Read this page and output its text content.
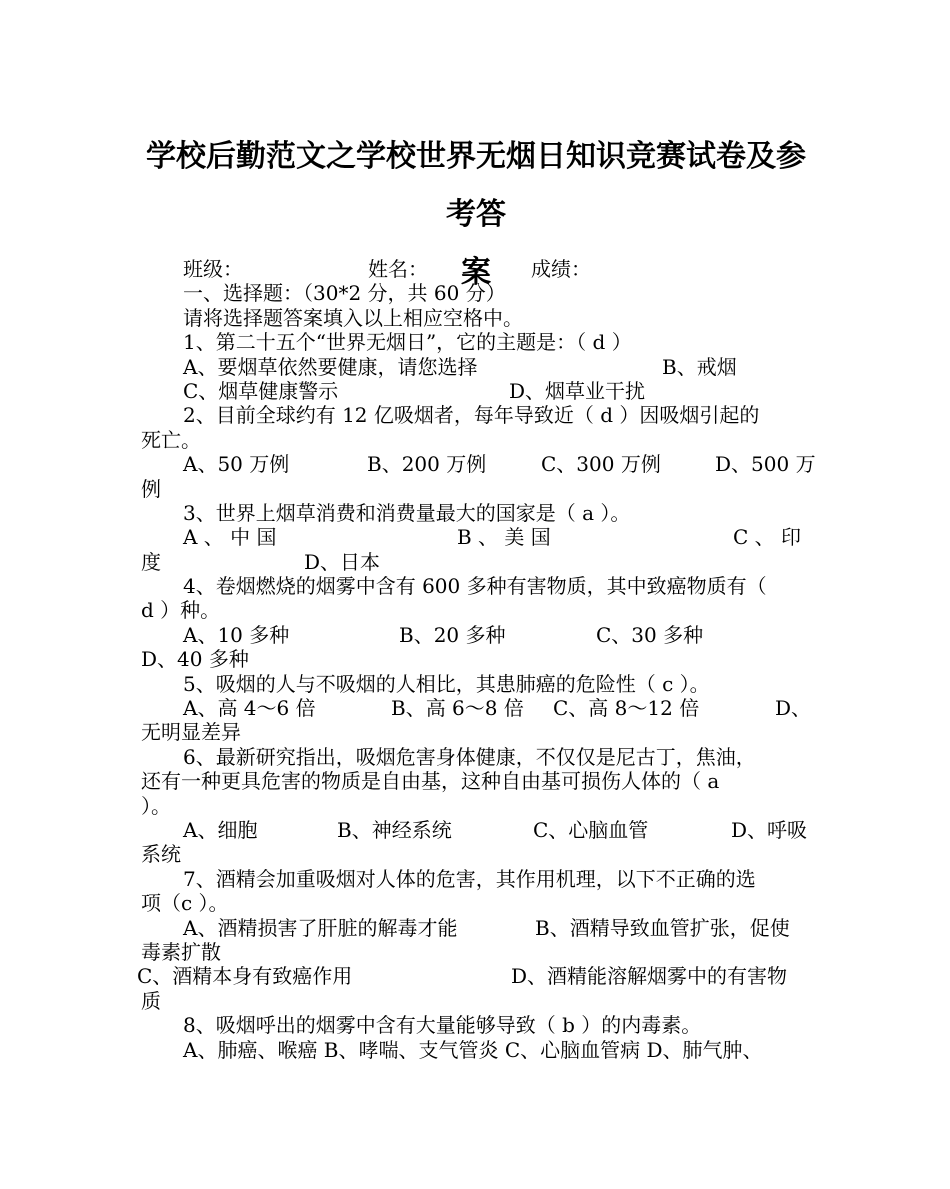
学校后勤范文之学校世界无烟日知识竞赛试卷及参考答
案
班级：	姓名：	成绩：
一、选择题：（30*2 分，共 60 分）
请将选择题答案填入以上相应空格中。
1、第二十五个“世界无烟日”，它的主题是：（ d ）
A、要烟草依然要健康，请您选择	B、戒烟
C、烟草健康警示	D、烟草业干扰
2、目前全球约有 12 亿吸烟者，每年导致近（ d ）因吸烟引起的
死亡。
A、50 万例	B、200 万例	C、300 万例	D、500 万
例
3、世界上烟草消费和消费量最大的国家是（ a ）。
A 、 中 国	B 、 美 国	C 、 印
度	D、日本
4、卷烟燃烧的烟雾中含有 600 多种有害物质，其中致癌物质有（
d ）种。
A、10 多种	B、20 多种	C、30 多种
D、40 多种
5、吸烟的人与不吸烟的人相比，其患肺癌的危险性（ c ）。
A、高 4～6 倍	B、高 6～8 倍 C、高 8～12 倍	D、
无明显差异
6、最新研究指出，吸烟危害身体健康，不仅仅是尼古丁，焦油，
还有一种更具危害的物质是自由基，这种自由基可损伤人体的（ a
）。
A、细胞	B、神经系统	C、心脑血管	D、呼吸
系统
7、酒精会加重吸烟对人体的危害，其作用机理，以下不正确的选
项（c ）。
A、酒精损害了肝脏的解毒才能	B、酒精导致血管扩张，促使
毒素扩散
C、酒精本身有致癌作用	D、酒精能溶解烟雾中的有害物
质
8、吸烟呼出的烟雾中含有大量能够导致（ b ）的内毒素。
A、肺癌、喉癌 B、哮喘、支气管炎 C、心脑血管病 D、肺气肿、
